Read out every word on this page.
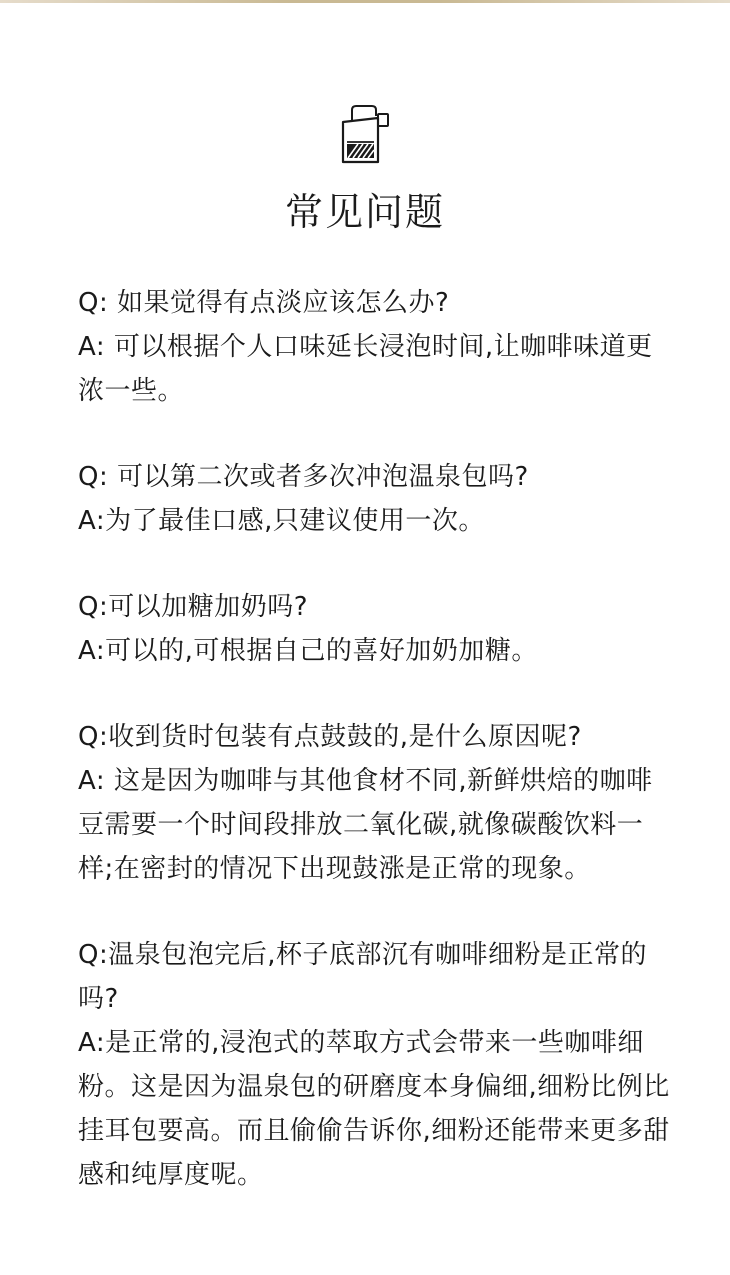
常见问题
Q: 如果觉得有点淡应该怎么办?
A: 可以根据个人口味延长浸泡时间,让咖啡味道更浓一些。
Q: 可以第二次或者多次冲泡温泉包吗?
A:为了最佳口感,只建议使用一次。
Q:可以加糖加奶吗?
A:可以的,可根据自己的喜好加奶加糖。
Q:收到货时包装有点鼓鼓的,是什么原因呢?
A: 这是因为咖啡与其他食材不同,新鲜烘焙的咖啡豆需要一个时间段排放二氧化碳,就像碳酸饮料一样;在密封的情况下出现鼓涨是正常的现象。
Q:温泉包泡完后,杯子底部沉有咖啡细粉是正常的吗?
A:是正常的,浸泡式的萃取方式会带来一些咖啡细粉。这是因为温泉包的研磨度本身偏细,细粉比例比挂耳包要高。而且偷偷告诉你,细粉还能带来更多甜感和纯厚度呢。
